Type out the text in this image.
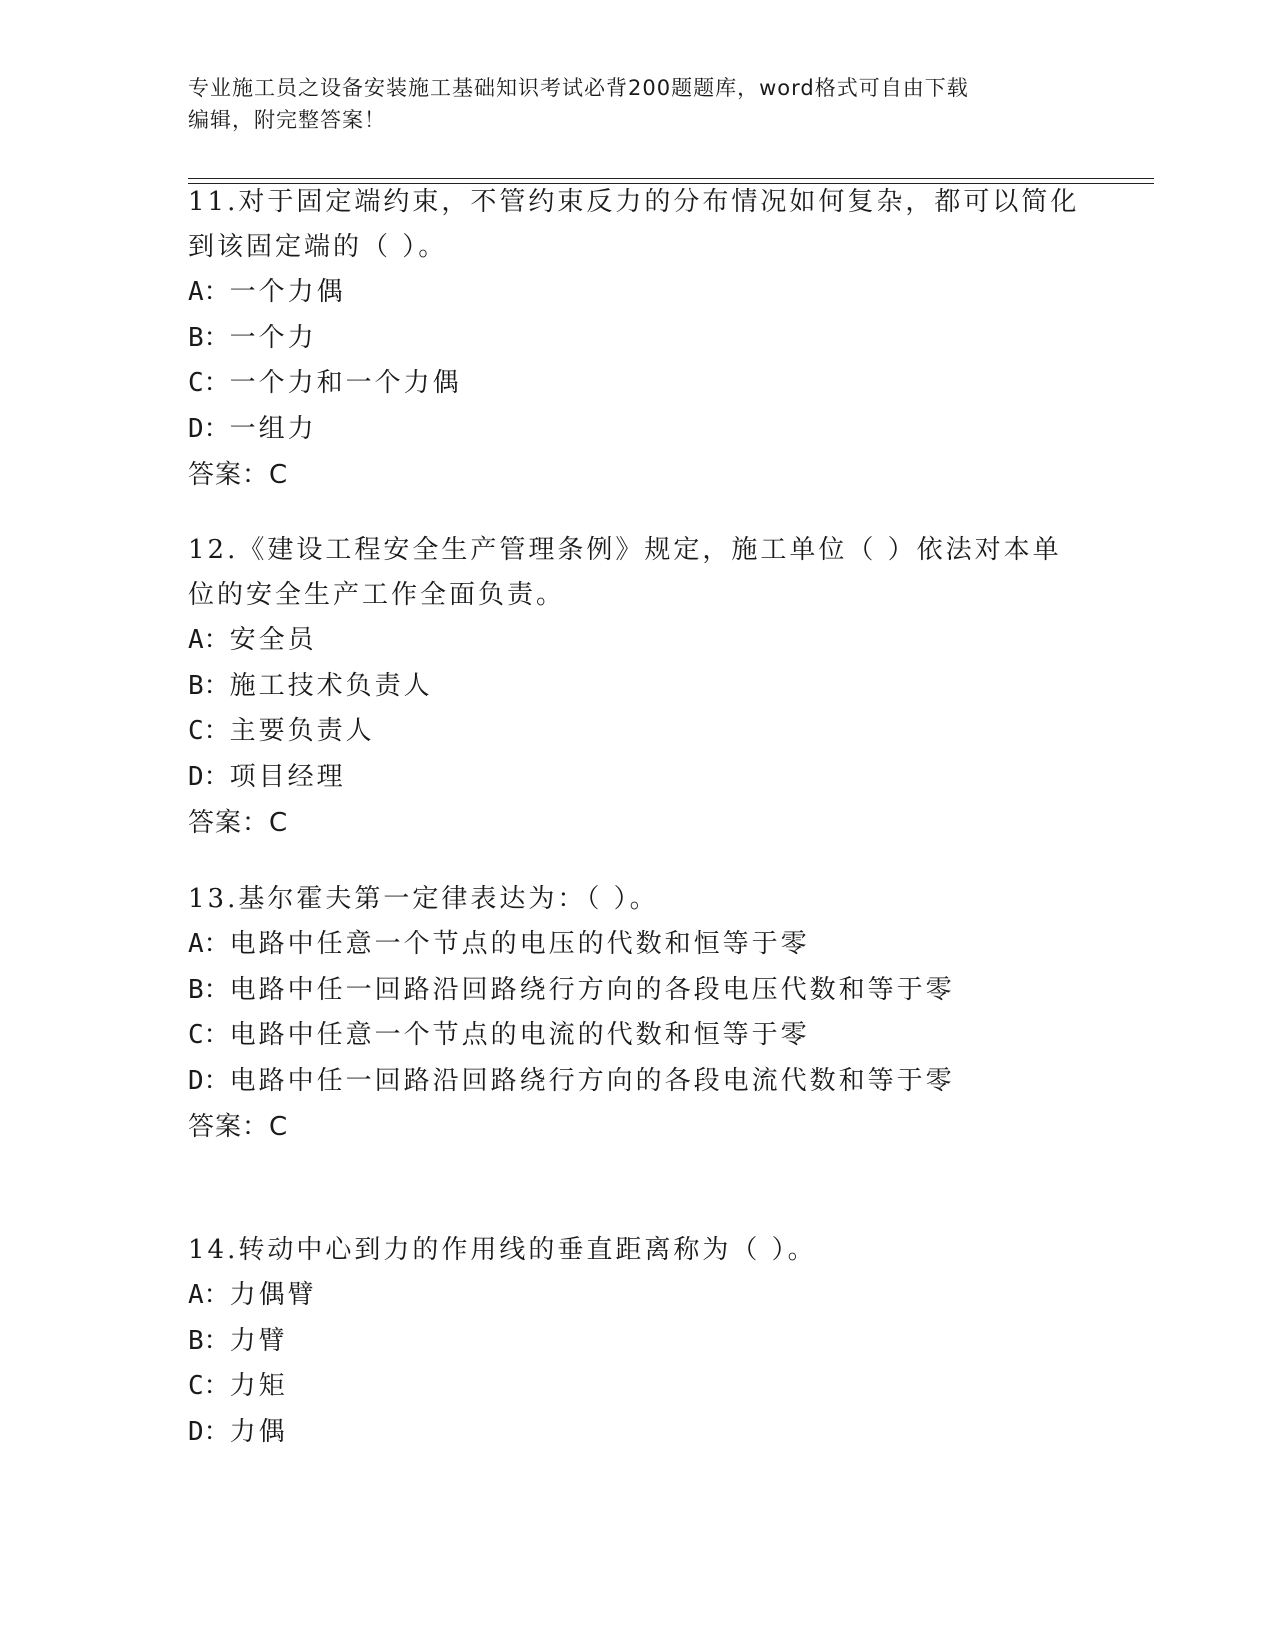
专业施工员之设备安装施工基础知识考试必背200题题库，word格式可自由下载
编辑，附完整答案！

11.对于固定端约束，不管约束反力的分布情况如何复杂，都可以简化

到该固定端的（ ）。

A：一个力偶

B：一个力

C：一个力和一个力偶

D：一组力

答案：C

12.《建设工程安全生产管理条例》规定，施工单位（ ）依法对本单

位的安全生产工作全面负责。

A：安全员

B：施工技术负责人

C：主要负责人

D：项目经理

答案：C

13.基尔霍夫第一定律表达为：（ ）。

A：电路中任意一个节点的电压的代数和恒等于零

B：电路中任一回路沿回路绕行方向的各段电压代数和等于零

C：电路中任意一个节点的电流的代数和恒等于零

D：电路中任一回路沿回路绕行方向的各段电流代数和等于零

答案：C

14.转动中心到力的作用线的垂直距离称为（ ）。

A：力偶臂

B：力臂

C：力矩

D：力偶
